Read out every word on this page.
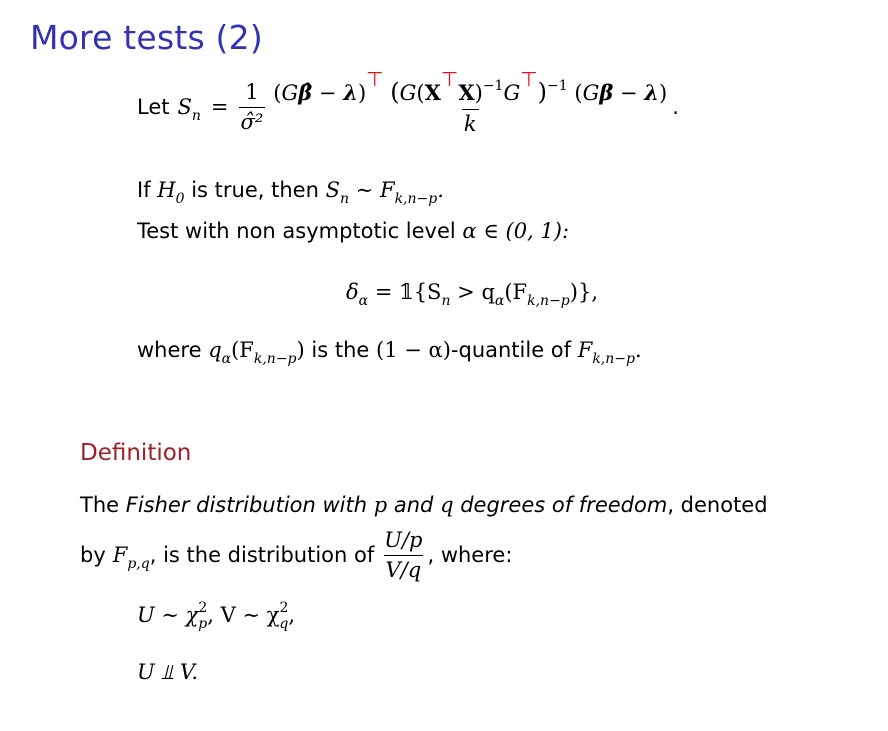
More tests (2)
Let $S_n = \frac{1}{\text{σ̂²}} \frac{(G\betâ - \lambda)⊤ (G(X⊤X)^{-1}G⊤)^{-1} (G\beta - \lambda)}{k}$ .
If $H_0$ is true, then $S_n$ ∼ $F_{k,n-p}$.
Test with non asymptotic level α ∈ (0, 1):
$\delta_\alpha$ = $𝟙\{S_n > q_\alpha(F_{k,n-p})\}$,
where $q_\alpha(F_{k,n-p})$ is the (1 − α)-quantile of $F_{k,n-p}$.
Definition
The Fisher distribution with p and q degrees of freedom, denoted
by $F_{p,q}$ , is the distribution of $\frac{U/p}{V/q}$ , where:
U ∼ $\chi^2_p$, V ∼ $\chi^2_q$,
U ⫫ V.
